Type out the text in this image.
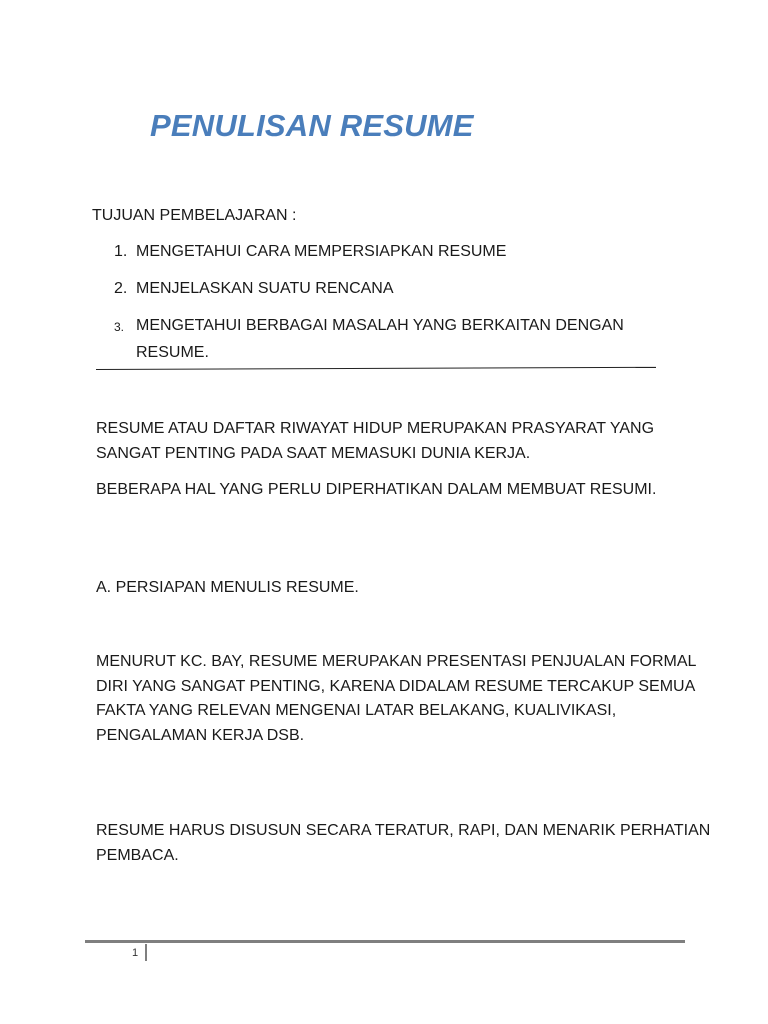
PENULISAN RESUME
TUJUAN PEMBELAJARAN :
1. MENGETAHUI CARA MEMPERSIAPKAN RESUME
2. MENJELASKAN SUATU RENCANA
3. MENGETAHUI BERBAGAI MASALAH YANG BERKAITAN DENGAN RESUME.
RESUME ATAU DAFTAR RIWAYAT HIDUP MERUPAKAN PRASYARAT YANG SANGAT PENTING PADA SAAT MEMASUKI DUNIA KERJA.
BEBERAPA HAL YANG PERLU DIPERHATIKAN DALAM MEMBUAT RESUMI.
A. PERSIAPAN MENULIS RESUME.
MENURUT KC. BAY, RESUME MERUPAKAN PRESENTASI PENJUALAN FORMAL DIRI YANG SANGAT PENTING, KARENA DIDALAM RESUME TERCAKUP SEMUA FAKTA YANG RELEVAN MENGENAI LATAR BELAKANG, KUALIVIKASI, PENGALAMAN KERJA DSB.
RESUME HARUS DISUSUN SECARA TERATUR, RAPI, DAN MENARIK PERHATIAN PEMBACA.
1
